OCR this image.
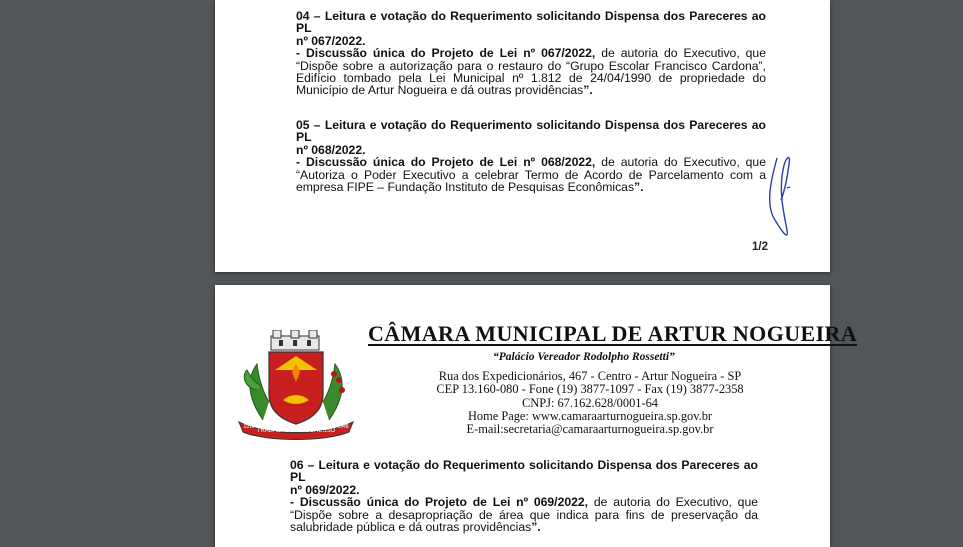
04 – Leitura e votação do Requerimento solicitando Dispensa dos Pareceres ao PL
nº 067/2022.
- Discussão única do Projeto de Lei nº 067/2022, de autoria do Executivo, que
“Dispõe sobre a autorização para o restauro do “Grupo Escolar Francisco Cardona”,
Edifício tombado pela Lei Municipal nº 1.812 de 24/04/1990 de propriedade do
Município de Artur Nogueira e dá outras providências”.
05 – Leitura e votação do Requerimento solicitando Dispensa dos Pareceres ao PL
nº 068/2022.
- Discussão única do Projeto de Lei nº 068/2022, de autoria do Executivo, que
“Autoriza o Poder Executivo a celebrar Termo de Acordo de Parcelamento com a
empresa FIPE – Fundação Instituto de Pesquisas Econômicas”.
1/2
TRABALHO E PROGRESSO
1916	1948
CÂMARA MUNICIPAL DE ARTUR NOGUEIRA
“Palácio Vereador Rodolpho Rossetti”
Rua dos Expedicionários, 467 - Centro - Artur Nogueira - SP
CEP 13.160-080 - Fone (19) 3877-1097 - Fax (19) 3877-2358
CNPJ: 67.162.628/0001-64
Home Page: www.camaraarturnogueira.sp.gov.br
E-mail:secretaria@camaraarturnogueira.sp.gov.br
06 – Leitura e votação do Requerimento solicitando Dispensa dos Pareceres ao PL
nº 069/2022.
- Discussão única do Projeto de Lei nº 069/2022, de autoria do Executivo, que
“Dispõe sobre a desapropriação de área que indica para fins de preservação da
salubridade pública e dá outras providências”.
